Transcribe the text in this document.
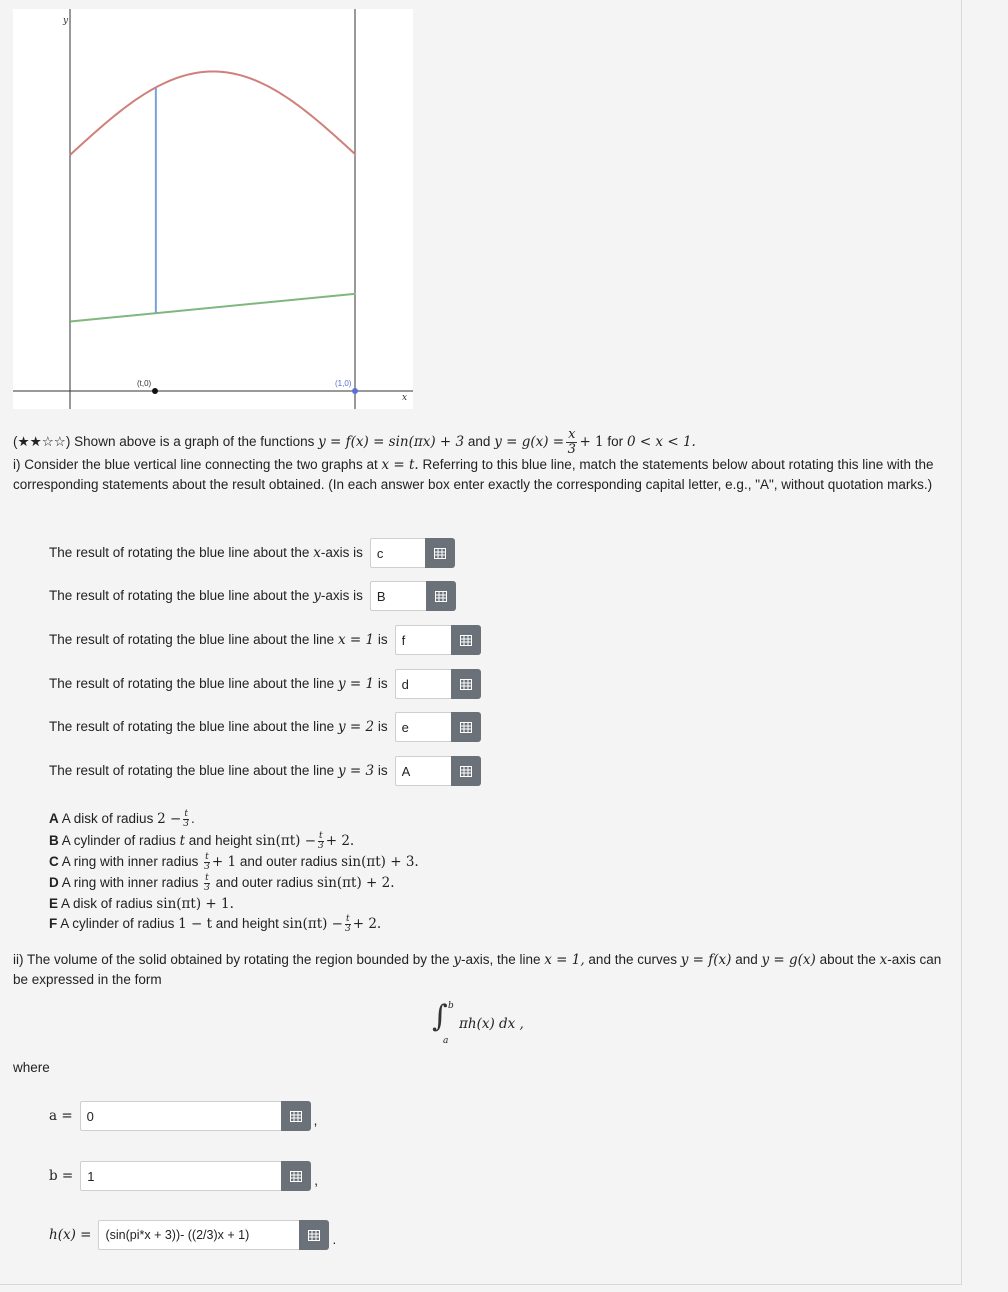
y
x
(t,0)	(1,0)
(★★☆☆) Shown above is a graph of the functions y = f(x) = sin(πx) + 3 and $y = g(x) = \frac{x}{3} + 1$ for 0 < x < 1.
i) Consider the blue vertical line connecting the two graphs at x = t. Referring to this blue line, match the statements below about rotating this line with the corresponding statements about the result obtained. (In each answer box enter exactly the corresponding capital letter, e.g., "A", without quotation marks.)
The result of rotating the blue line about the x-axis is
c
The result of rotating the blue line about the y-axis is
B
The result of rotating the blue line about the line x = 1 is
f
The result of rotating the blue line about the line y = 1 is
d
The result of rotating the blue line about the line y = 2 is
e
The result of rotating the blue line about the line y = 3 is
A
A A disk of radius $2 - \frac{t}{3}$ .
B A cylinder of radius t and height $\sin(\pi t) - \frac{t}{3} + 2$.
C A ring with inner radius $\frac{t}{3} + 1$ and outer radius sin(πt) + 3.
D A ring with inner radius $\frac{t}{3}$ and outer radius sin(πt) + 2.
E A disk of radius sin(πt) + 1.
F A cylinder of radius 1 − t and height $\sin(\pi t) - \frac{t}{3} + 2$.
ii) The volume of the solid obtained by rotating the region bounded by the y-axis, the line x = 1, and the curves y = f(x) and y = g(x) about the x-axis can be expressed in the form
∫ b
a
πh(x) dx ,
where
a =
0	,
b =
1	,
h(x) =
(sin(pi*x + 3))- ((2/3)x + 1)	.
